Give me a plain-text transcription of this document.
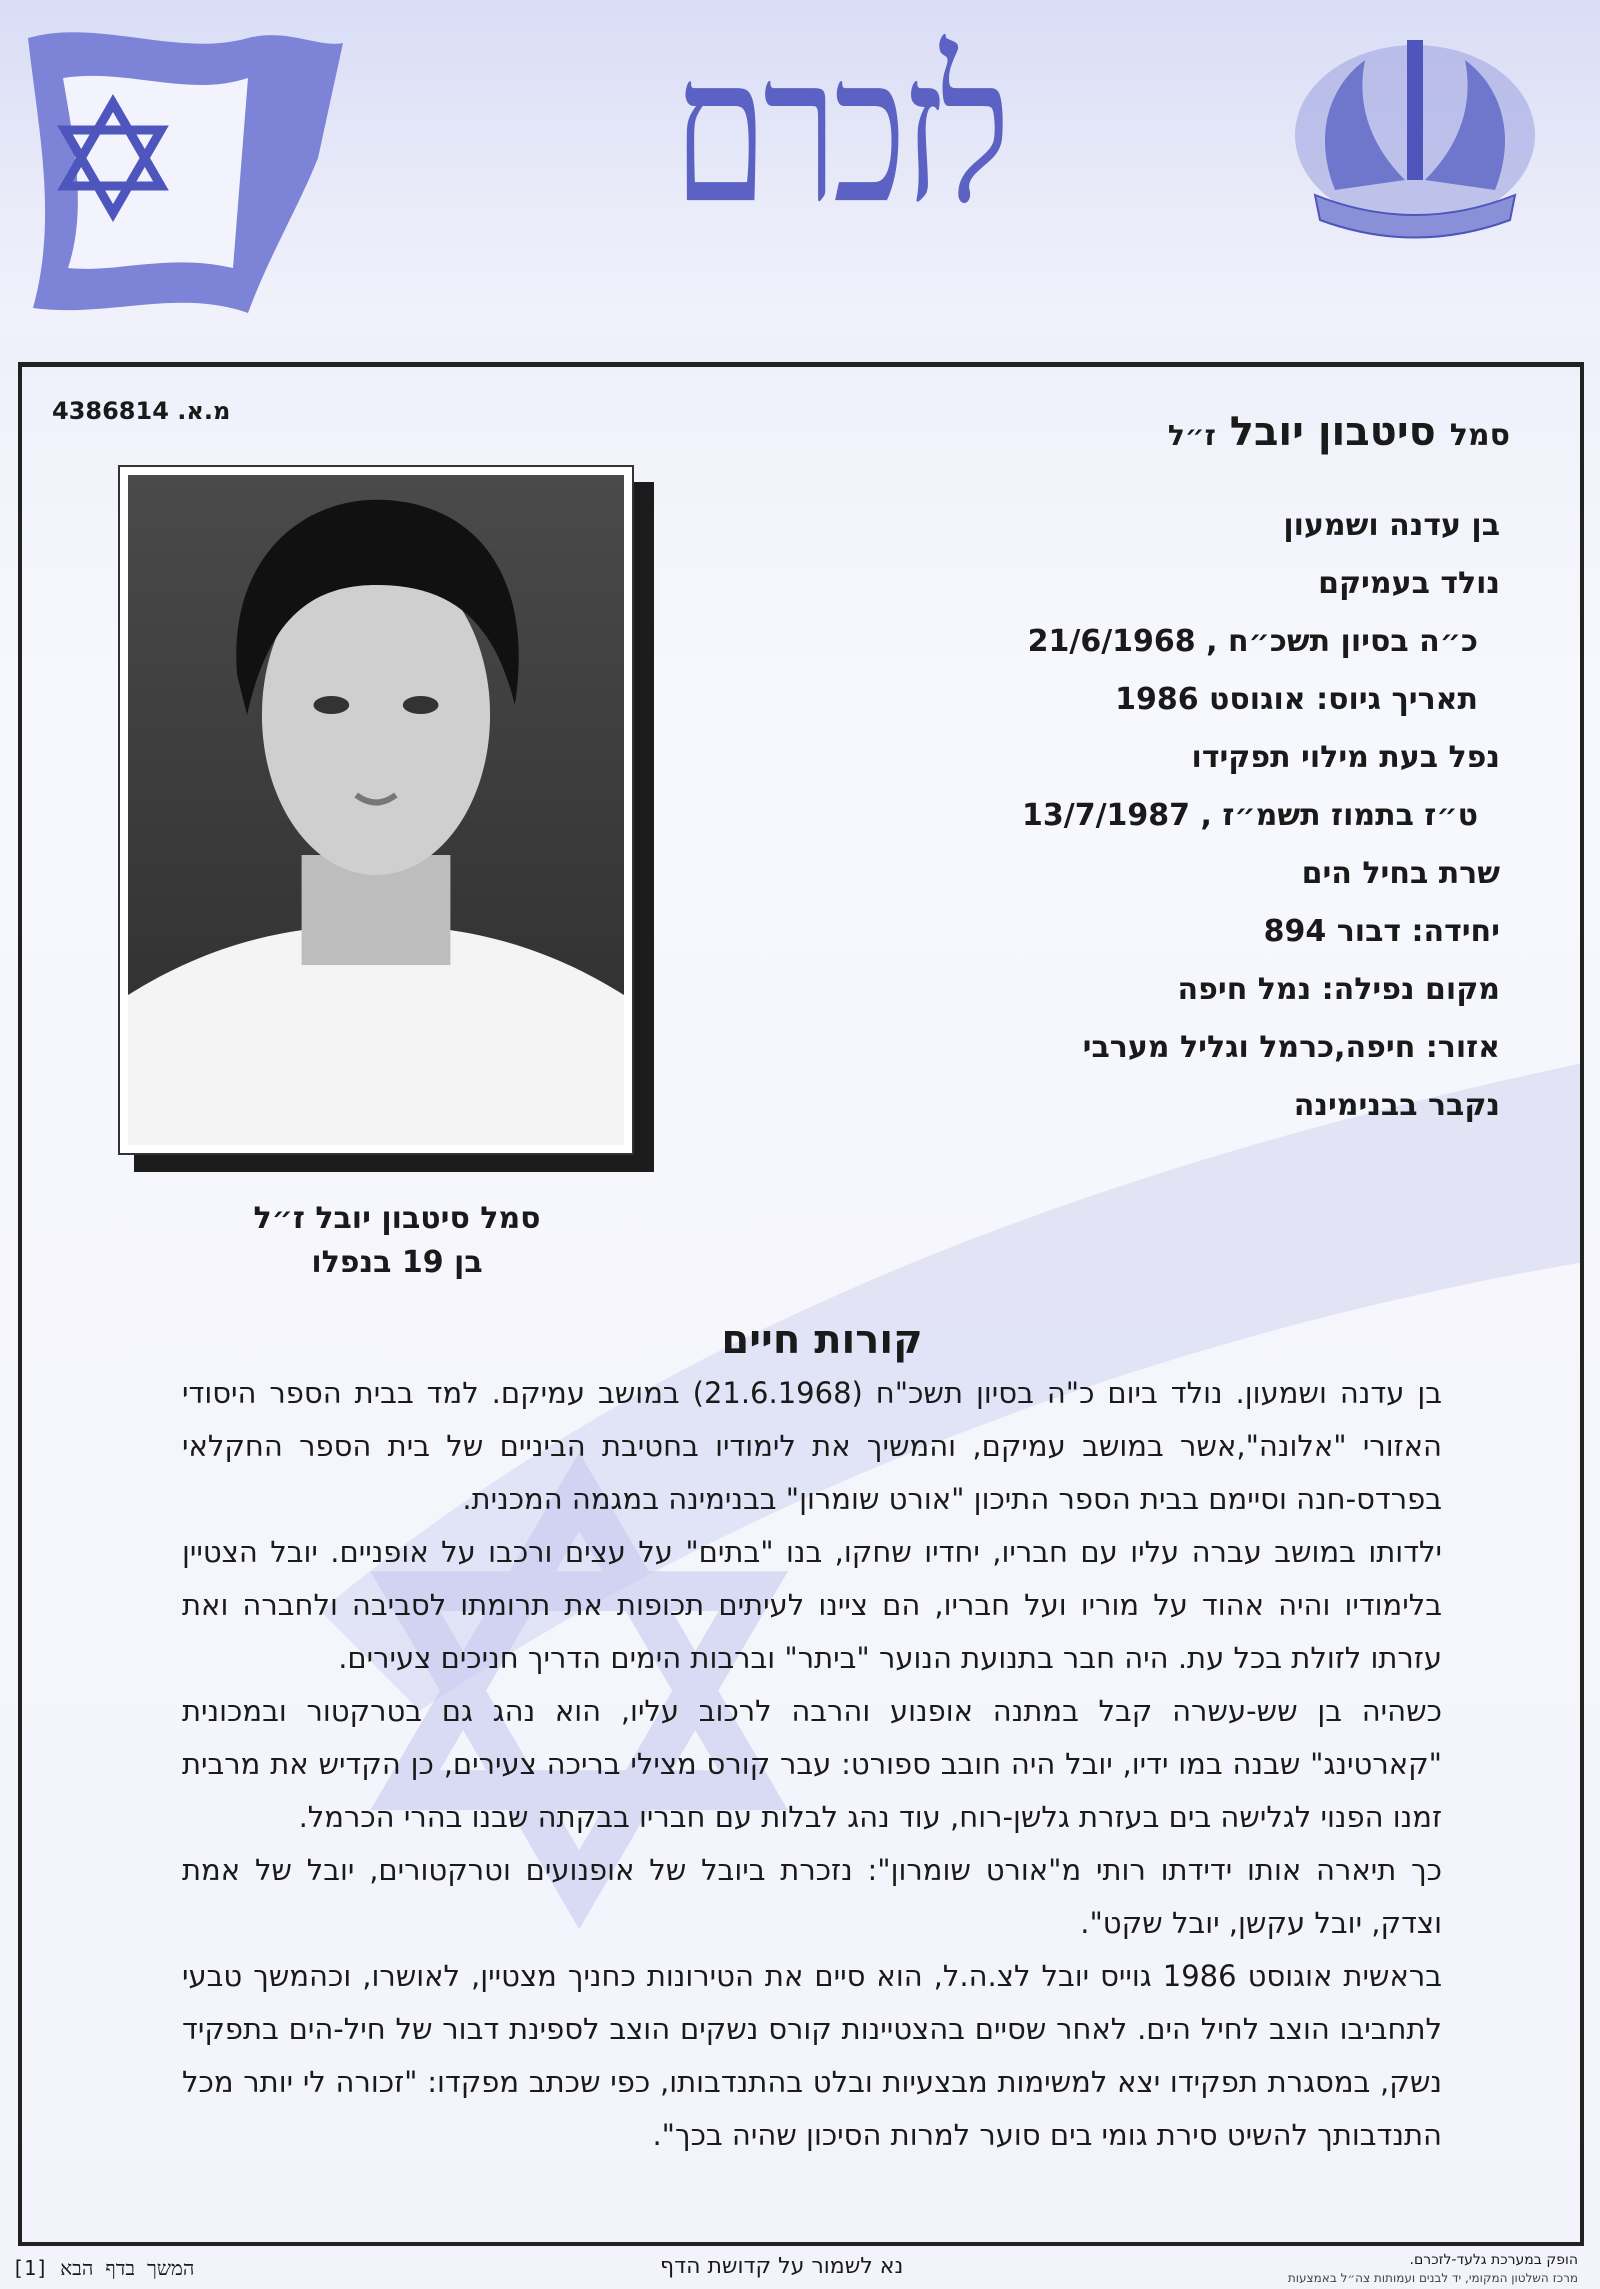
לזכרם
מ.א. 4386814
סמל סיטבון יובל ז״ל
בן עדנה ושמעון
נולד בעמיקם
כ״ה בסיון תשכ״ח , 21/6/1968
תאריך גיוס: אוגוסט 1986
נפל בעת מילוי תפקידו
ט״ז בתמוז תשמ״ז , 13/7/1987
שרת בחיל הים
יחידה: דבור 894
מקום נפילה: נמל חיפה
אזור: חיפה,כרמל וגליל מערבי
נקבר בבנימינה
סמל סיטבון יובל ז״ל
בן 19 בנפלו
קורות חיים

בן עדנה ושמעון. נולד ביום כ"ה בסיון תשכ"ח (21.6.1968) במושב עמיקם. למד בבית הספר היסודי האזורי "אלונה",אשר במושב עמיקם, והמשיך את לימודיו בחטיבת הביניים של בית הספר החקלאי בפרדס-חנה וסיימם בבית הספר התיכון "אורט שומרון" בבנימינה במגמה המכנית.

ילדותו במושב עברה עליו עם חבריו, יחדיו שחקו, בנו "בתים" על עצים ורכבו על אופניים. יובל הצטיין בלימודיו והיה אהוד על מוריו ועל חבריו, הם ציינו לעיתים תכופות את תרומתו לסביבה ולחברה ואת עזרתו לזולת בכל עת. היה חבר בתנועת הנוער "ביתר" וברבות הימים הדריך חניכים צעירים.

כשהיה בן שש-עשרה קבל במתנה אופנוע והרבה לרכוב עליו, הוא נהג גם בטרקטור ובמכונית "קארטינג" שבנה במו ידיו, יובל היה חובב ספורט: עבר קורס מצילי בריכה צעירים, כן הקדיש את מרבית זמנו הפנוי לגלישה בים בעזרת גלשן-רוח, עוד נהג לבלות עם חבריו בבקתה שבנו בהרי הכרמל.

כך תיארה אותו ידידתו רותי מ"אורט שומרון": נזכרת ביובל של אופנועים וטרקטורים, יובל של אמת וצדק, יובל עקשן, יובל שקט".

בראשית אוגוסט 1986 גוייס יובל לצ.ה.ל, הוא סיים את הטירונות כחניך מצטיין, לאושרו, וכהמשך טבעי לתחביבו הוצב לחיל הים. לאחר שסיים בהצטיינות קורס נשקים הוצב לספינת דבור של חיל-הים בתפקיד נשק, במסגרת תפקידו יצא למשימות מבצעיות ובלט בהתנדבותו, כפי שכתב מפקדו: "זכורה לי יותר מכל התנדבותך להשיט סירת גומי בים סוער למרות הסיכון שהיה בכך".

המשך בדף הבא [1]	נא לשמור על קדושת הדף	הופק במערכת גלעד-לזכרם.
מרכז השלטון המקומי, יד לבנים ועמותות צה״ל באמצעות
